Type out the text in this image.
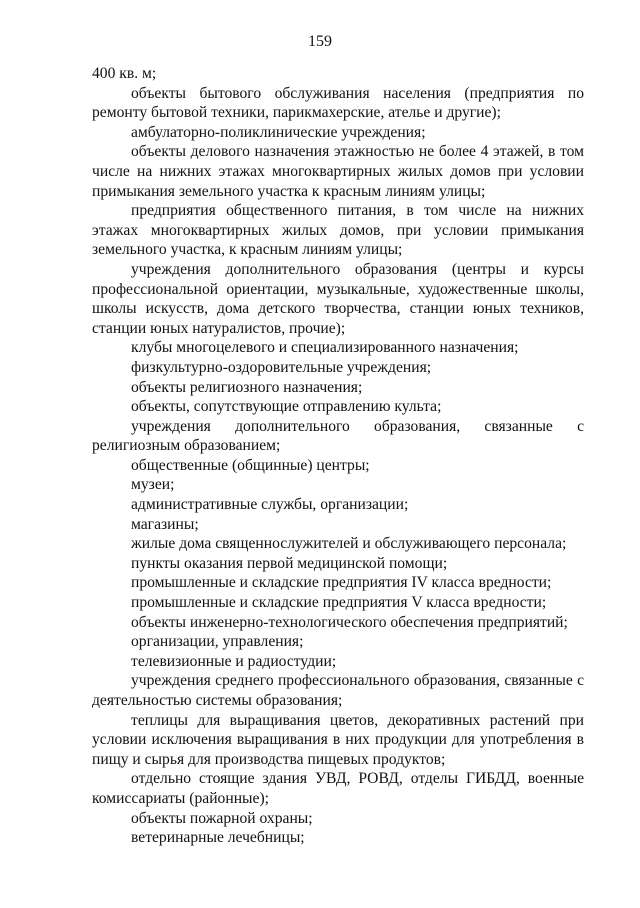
159

400 кв. м;

объекты бытового обслуживания населения (предприятия по ремонту бытовой техники, парикмахерские, ателье и другие);

амбулаторно-поликлинические учреждения;

объекты делового назначения этажностью не более 4 этажей, в том числе на нижних этажах многоквартирных жилых домов при условии примыкания земельного участка к красным линиям улицы;

предприятия общественного питания, в том числе на нижних этажах многоквартирных жилых домов, при условии примыкания земельного участка, к красным линиям улицы;

учреждения дополнительного образования (центры и курсы профессиональной ориентации, музыкальные, художественные школы, школы искусств, дома детского творчества, станции юных техников, станции юных натуралистов, прочие);

клубы многоцелевого и специализированного назначения;

физкультурно-оздоровительные учреждения;

объекты религиозного назначения;

объекты, сопутствующие отправлению культа;

учреждения дополнительного образования, связанные с религиозным образованием;

общественные (общинные) центры;

музеи;

административные службы, организации;

магазины;

жилые дома священнослужителей и обслуживающего персонала;

пункты оказания первой медицинской помощи;

промышленные и складские предприятия IV класса вредности;

промышленные и складские предприятия V класса вредности;

объекты инженерно-технологического обеспечения предприятий;

организации, управления;

телевизионные и радиостудии;

учреждения среднего профессионального образования, связанные с деятельностью системы образования;

теплицы для выращивания цветов, декоративных растений при условии исключения выращивания в них продукции для употребления в пищу и сырья для производства пищевых продуктов;

отдельно стоящие здания УВД, РОВД, отделы ГИБДД, военные комиссариаты (районные);

объекты пожарной охраны;

ветеринарные лечебницы;
